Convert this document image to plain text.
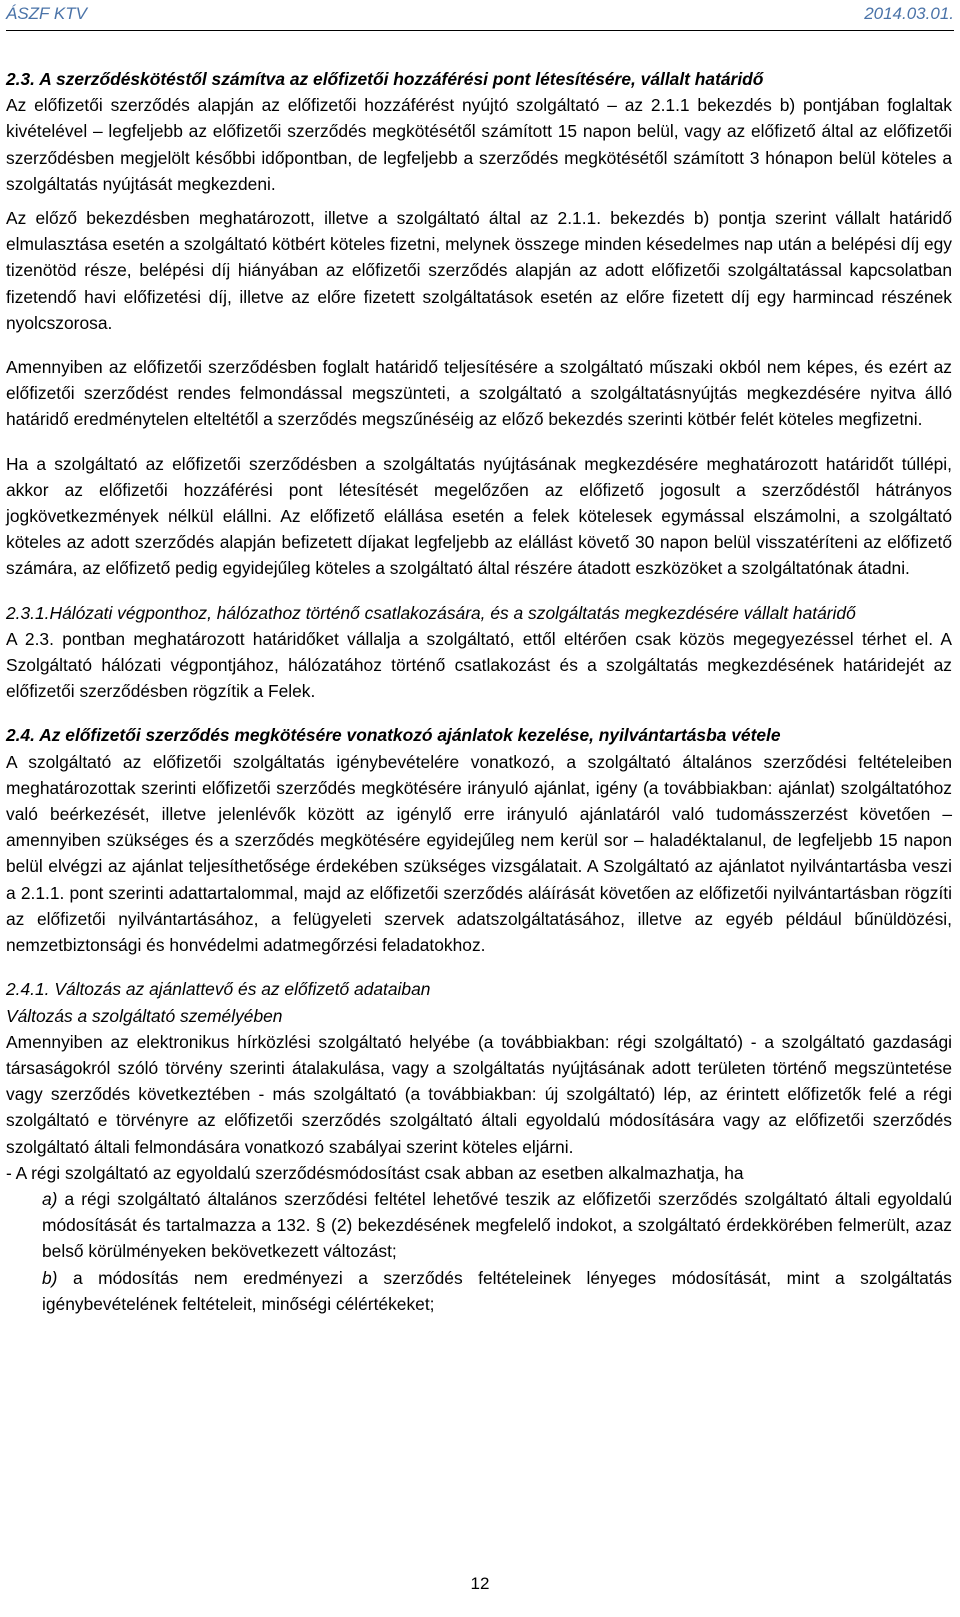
ÁSZF KTV	2014.03.01.

2.3. A szerződéskötéstől számítva az előfizetői hozzáférési pont létesítésére, vállalt határidő

Az előfizetői szerződés alapján az előfizetői hozzáférést nyújtó szolgáltató – az 2.1.1 bekezdés b) pontjában foglaltak kivételével – legfeljebb az előfizetői szerződés megkötésétől számított 15 napon belül, vagy az előfizető által az előfizetői szerződésben megjelölt későbbi időpontban, de legfeljebb a szerződés megkötésétől számított 3 hónapon belül köteles a szolgáltatás nyújtását megkezdeni.

Az előző bekezdésben meghatározott, illetve a szolgáltató által az 2.1.1. bekezdés b) pontja szerint vállalt határidő elmulasztása esetén a szolgáltató kötbért köteles fizetni, melynek összege minden késedelmes nap után a belépési díj egy tizenötöd része, belépési díj hiányában az előfizetői szerződés alapján az adott előfizetői szolgáltatással kapcsolatban fizetendő havi előfizetési díj, illetve az előre fizetett szolgáltatások esetén az előre fizetett díj egy harmincad részének nyolcszorosa.

Amennyiben az előfizetői szerződésben foglalt határidő teljesítésére a szolgáltató műszaki okból nem képes, és ezért az előfizetői szerződést rendes felmondással megszünteti, a szolgáltató a szolgáltatásnyújtás megkezdésére nyitva álló határidő eredménytelen elteltétől a szerződés megszűnéséig az előző bekezdés szerinti kötbér felét köteles megfizetni.

Ha a szolgáltató az előfizetői szerződésben a szolgáltatás nyújtásának megkezdésére meghatározott határidőt túllépi, akkor az előfizetői hozzáférési pont létesítését megelőzően az előfizető jogosult a szerződéstől hátrányos jogkövetkezmények nélkül elállni. Az előfizető elállása esetén a felek kötelesek egymással elszámolni, a szolgáltató köteles az adott szerződés alapján befizetett díjakat legfeljebb az elállást követő 30 napon belül visszatéríteni az előfizető számára, az előfizető pedig egyidejűleg köteles a szolgáltató által részére átadott eszközöket a szolgáltatónak átadni.

2.3.1.Hálózati végponthoz, hálózathoz történő csatlakozására, és a szolgáltatás megkezdésére vállalt határidő

A 2.3. pontban meghatározott határidőket vállalja a szolgáltató, ettől eltérően csak közös megegyezéssel térhet el. A Szolgáltató hálózati végpontjához, hálózatához történő csatlakozást és a szolgáltatás megkezdésének határidejét az előfizetői szerződésben rögzítik a Felek.

2.4. Az előfizetői szerződés megkötésére vonatkozó ajánlatok kezelése, nyilvántartásba vétele

A szolgáltató az előfizetői szolgáltatás igénybevételére vonatkozó, a szolgáltató általános szerződési feltételeiben meghatározottak szerinti előfizetői szerződés megkötésére irányuló ajánlat, igény (a továbbiakban: ajánlat) szolgáltatóhoz való beérkezését, illetve jelenlévők között az igénylő erre irányuló ajánlatáról való tudomásszerzést követően – amennyiben szükséges és a szerződés megkötésére egyidejűleg nem kerül sor – haladéktalanul, de legfeljebb 15 napon belül elvégzi az ajánlat teljesíthetősége érdekében szükséges vizsgálatait. A Szolgáltató az ajánlatot nyilvántartásba veszi a 2.1.1. pont szerinti adattartalommal, majd az előfizetői szerződés aláírását követően az előfizetői nyilvántartásban rögzíti az előfizetői nyilvántartásához, a felügyeleti szervek adatszolgáltatásához, illetve az egyéb például bűnüldözési, nemzetbiztonsági és honvédelmi adatmegőrzési feladatokhoz.

2.4.1. Változás az ajánlattevő és az előfizető adataiban

Változás a szolgáltató személyében

Amennyiben az elektronikus hírközlési szolgáltató helyébe (a továbbiakban: régi szolgáltató) - a szolgáltató gazdasági társaságokról szóló törvény szerinti átalakulása, vagy a szolgáltatás nyújtásának adott területen történő megszüntetése vagy szerződés következtében - más szolgáltató (a továbbiakban: új szolgáltató) lép, az érintett előfizetők felé a régi szolgáltató e törvényre az előfizetői szerződés szolgáltató általi egyoldalú módosítására vagy az előfizetői szerződés szolgáltató általi felmondására vonatkozó szabályai szerint köteles eljárni.

- A régi szolgáltató az egyoldalú szerződésmódosítást csak abban az esetben alkalmazhatja, ha

a) a régi szolgáltató általános szerződési feltétel lehetővé teszik az előfizetői szerződés szolgáltató általi egyoldalú módosítását és tartalmazza a 132. § (2) bekezdésének megfelelő indokot, a szolgáltató érdekkörében felmerült, azaz belső körülményeken bekövetkezett változást;

b) a módosítás nem eredményezi a szerződés feltételeinek lényeges módosítását, mint a szolgáltatás igénybevételének feltételeit, minőségi célértékeket;

12
